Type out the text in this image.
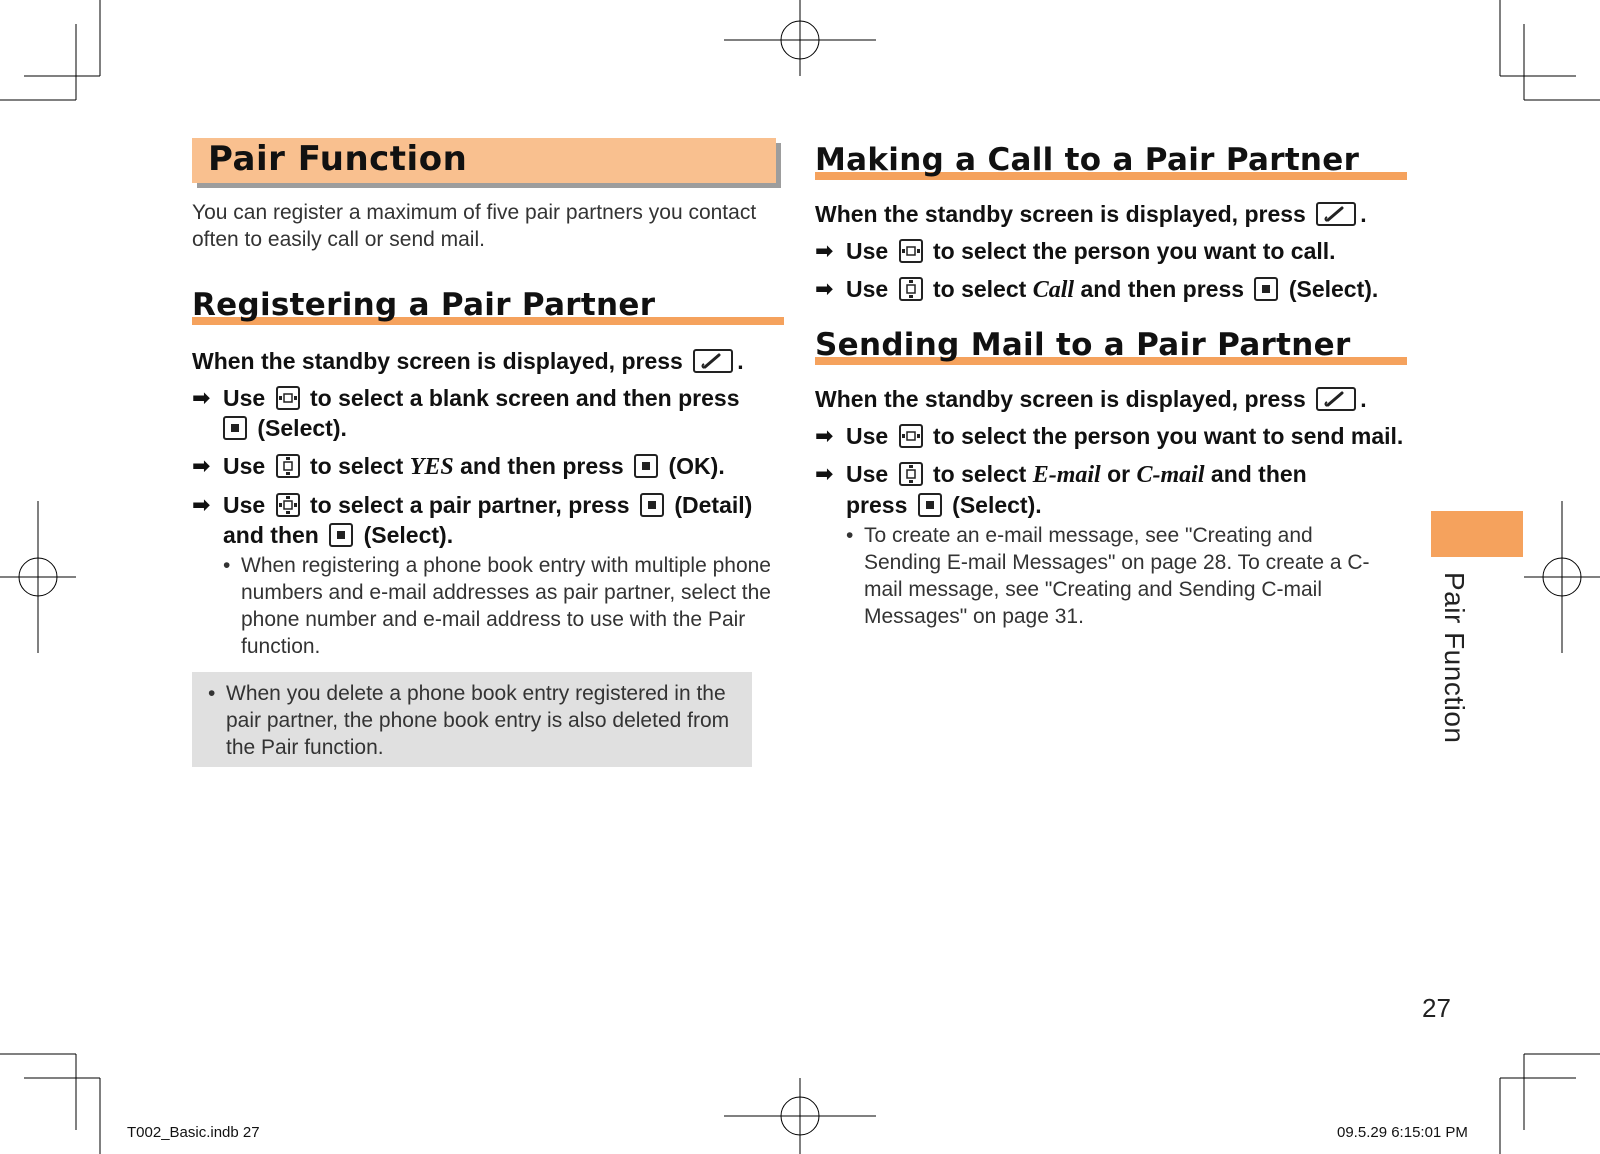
Pair Function
You can register a maximum of five pair partners you contact often to easily call or send mail.
Registering a Pair Partner
When the standby screen is displayed, press .
➡ Use to select a blank screen and then press

(Select).
➡ Use to select YES and then press (OK).
➡ Use to select a pair partner, press (Detail)
and then (Select).
• When registering a phone book entry with multiple phone numbers and e-mail addresses as pair partner, select the phone number and e-mail address to use with the Pair function.
• When you delete a phone book entry registered in the pair partner, the phone book entry is also deleted from the Pair function.
Making a Call to a Pair Partner
When the standby screen is displayed, press .
➡ Use to select the person you want to call.
➡ Use to select Call and then press (Select).
Sending Mail to a Pair Partner
When the standby screen is displayed, press .
➡ Use to select the person you want to send mail.
➡ Use to select E-mail or C-mail and then
press (Select).
• To create an e-mail message, see "Creating and Sending E-mail Messages" on page 28. To create a C-mail message, see "Creating and Sending C-mail Messages" on page 31.	Pair Function
27
T002_Basic.indb 27	09.5.29 6:15:01 PM
